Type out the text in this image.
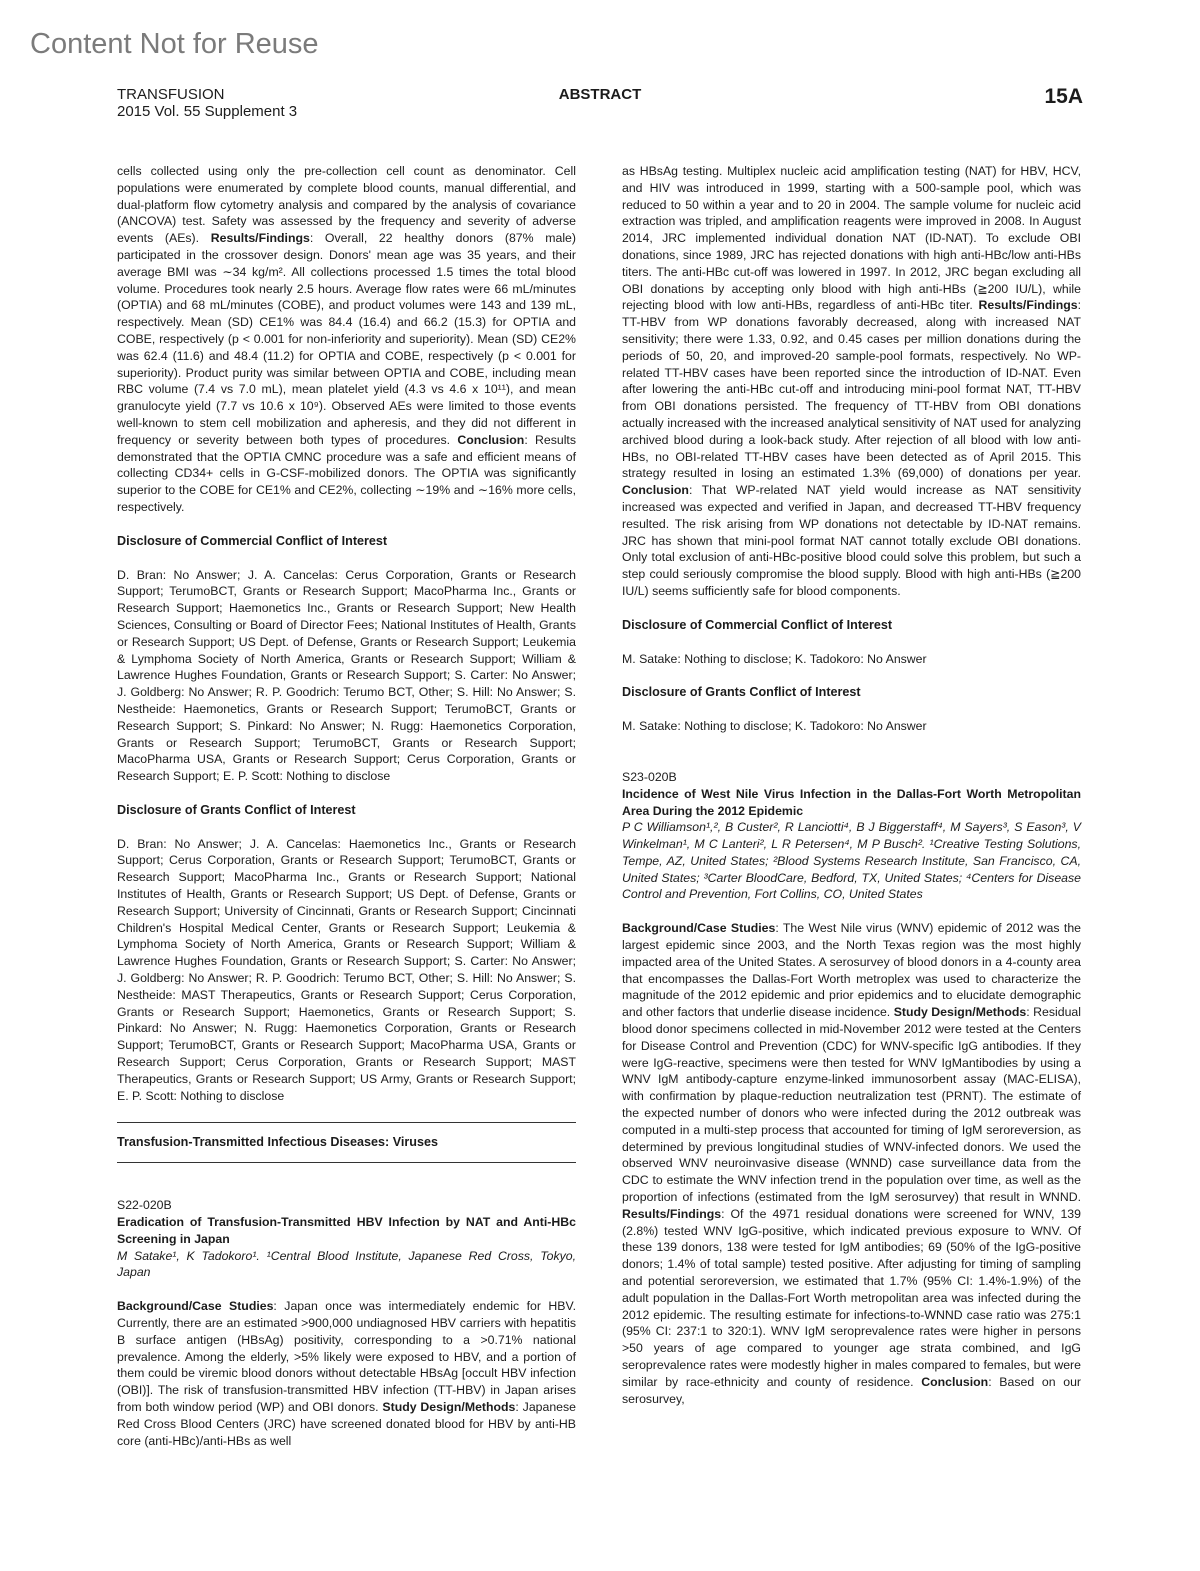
Content Not for Reuse
TRANSFUSION
2015 Vol. 55 Supplement 3
ABSTRACT	15A

cells collected using only the pre-collection cell count as denominator. Cell populations were enumerated by complete blood counts, manual differential, and dual-platform flow cytometry analysis and compared by the analysis of covariance (ANCOVA) test. Safety was assessed by the frequency and severity of adverse events (AEs). Results/Findings: Overall, 22 healthy donors (87% male) participated in the crossover design. Donors' mean age was 35 years, and their average BMI was ∼34 kg/m². All collections processed 1.5 times the total blood volume. Procedures took nearly 2.5 hours. Average flow rates were 66 mL/minutes (OPTIA) and 68 mL/minutes (COBE), and product volumes were 143 and 139 mL, respectively. Mean (SD) CE1% was 84.4 (16.4) and 66.2 (15.3) for OPTIA and COBE, respectively (p < 0.001 for non-inferiority and superiority). Mean (SD) CE2% was 62.4 (11.6) and 48.4 (11.2) for OPTIA and COBE, respectively (p < 0.001 for superiority). Product purity was similar between OPTIA and COBE, including mean RBC volume (7.4 vs 7.0 mL), mean platelet yield (4.3 vs 4.6 x 10¹¹), and mean granulocyte yield (7.7 vs 10.6 x 10⁹). Observed AEs were limited to those events well-known to stem cell mobilization and apheresis, and they did not different in frequency or severity between both types of procedures. Conclusion: Results demonstrated that the OPTIA CMNC procedure was a safe and efficient means of collecting CD34+ cells in G-CSF-mobilized donors. The OPTIA was significantly superior to the COBE for CE1% and CE2%, collecting ∼19% and ∼16% more cells, respectively.

Disclosure of Commercial Conflict of Interest

D. Bran: No Answer; J. A. Cancelas: Cerus Corporation, Grants or Research Support; TerumoBCT, Grants or Research Support; MacoPharma Inc., Grants or Research Support; Haemonetics Inc., Grants or Research Support; New Health Sciences, Consulting or Board of Director Fees; National Institutes of Health, Grants or Research Support; US Dept. of Defense, Grants or Research Support; Leukemia & Lymphoma Society of North America, Grants or Research Support; William & Lawrence Hughes Foundation, Grants or Research Support; S. Carter: No Answer; J. Goldberg: No Answer; R. P. Goodrich: Terumo BCT, Other; S. Hill: No Answer; S. Nestheide: Haemonetics, Grants or Research Support; TerumoBCT, Grants or Research Support; S. Pinkard: No Answer; N. Rugg: Haemonetics Corporation, Grants or Research Support; TerumoBCT, Grants or Research Support; MacoPharma USA, Grants or Research Support; Cerus Corporation, Grants or Research Support; E. P. Scott: Nothing to disclose

Disclosure of Grants Conflict of Interest

D. Bran: No Answer; J. A. Cancelas: Haemonetics Inc., Grants or Research Support; Cerus Corporation, Grants or Research Support; TerumoBCT, Grants or Research Support; MacoPharma Inc., Grants or Research Support; National Institutes of Health, Grants or Research Support; US Dept. of Defense, Grants or Research Support; University of Cincinnati, Grants or Research Support; Cincinnati Children's Hospital Medical Center, Grants or Research Support; Leukemia & Lymphoma Society of North America, Grants or Research Support; William & Lawrence Hughes Foundation, Grants or Research Support; S. Carter: No Answer; J. Goldberg: No Answer; R. P. Goodrich: Terumo BCT, Other; S. Hill: No Answer; S. Nestheide: MAST Therapeutics, Grants or Research Support; Cerus Corporation, Grants or Research Support; Haemonetics, Grants or Research Support; S. Pinkard: No Answer; N. Rugg: Haemonetics Corporation, Grants or Research Support; TerumoBCT, Grants or Research Support; MacoPharma USA, Grants or Research Support; Cerus Corporation, Grants or Research Support; MAST Therapeutics, Grants or Research Support; US Army, Grants or Research Support; E. P. Scott: Nothing to disclose

Transfusion-Transmitted Infectious Diseases: Viruses

S22-020B

Eradication of Transfusion-Transmitted HBV Infection by NAT and Anti-HBc Screening in Japan

M Satake¹, K Tadokoro¹. ¹Central Blood Institute, Japanese Red Cross, Tokyo, Japan

Background/Case Studies: Japan once was intermediately endemic for HBV. Currently, there are an estimated >900,000 undiagnosed HBV carriers with hepatitis B surface antigen (HBsAg) positivity, corresponding to a >0.71% national prevalence. Among the elderly, >5% likely were exposed to HBV, and a portion of them could be viremic blood donors without detectable HBsAg [occult HBV infection (OBI)]. The risk of transfusion-transmitted HBV infection (TT-HBV) in Japan arises from both window period (WP) and OBI donors. Study Design/Methods: Japanese Red Cross Blood Centers (JRC) have screened donated blood for HBV by anti-HB core (anti-HBc)/anti-HBs as well

as HBsAg testing. Multiplex nucleic acid amplification testing (NAT) for HBV, HCV, and HIV was introduced in 1999, starting with a 500-sample pool, which was reduced to 50 within a year and to 20 in 2004. The sample volume for nucleic acid extraction was tripled, and amplification reagents were improved in 2008. In August 2014, JRC implemented individual donation NAT (ID-NAT). To exclude OBI donations, since 1989, JRC has rejected donations with high anti-HBc/low anti-HBs titers. The anti-HBc cut-off was lowered in 1997. In 2012, JRC began excluding all OBI donations by accepting only blood with high anti-HBs (≧200 IU/L), while rejecting blood with low anti-HBs, regardless of anti-HBc titer. Results/Findings: TT-HBV from WP donations favorably decreased, along with increased NAT sensitivity; there were 1.33, 0.92, and 0.45 cases per million donations during the periods of 50, 20, and improved-20 sample-pool formats, respectively. No WP-related TT-HBV cases have been reported since the introduction of ID-NAT. Even after lowering the anti-HBc cut-off and introducing mini-pool format NAT, TT-HBV from OBI donations persisted. The frequency of TT-HBV from OBI donations actually increased with the increased analytical sensitivity of NAT used for analyzing archived blood during a look-back study. After rejection of all blood with low anti-HBs, no OBI-related TT-HBV cases have been detected as of April 2015. This strategy resulted in losing an estimated 1.3% (69,000) of donations per year. Conclusion: That WP-related NAT yield would increase as NAT sensitivity increased was expected and verified in Japan, and decreased TT-HBV frequency resulted. The risk arising from WP donations not detectable by ID-NAT remains. JRC has shown that mini-pool format NAT cannot totally exclude OBI donations. Only total exclusion of anti-HBc-positive blood could solve this problem, but such a step could seriously compromise the blood supply. Blood with high anti-HBs (≧200 IU/L) seems sufficiently safe for blood components.

Disclosure of Commercial Conflict of Interest

M. Satake: Nothing to disclose; K. Tadokoro: No Answer

Disclosure of Grants Conflict of Interest

M. Satake: Nothing to disclose; K. Tadokoro: No Answer

S23-020B

Incidence of West Nile Virus Infection in the Dallas-Fort Worth Metropolitan Area During the 2012 Epidemic

P C Williamson¹,², B Custer², R Lanciotti⁴, B J Biggerstaff⁴, M Sayers³, S Eason³, V Winkelman¹, M C Lanteri², L R Petersen⁴, M P Busch². ¹Creative Testing Solutions, Tempe, AZ, United States; ²Blood Systems Research Institute, San Francisco, CA, United States; ³Carter BloodCare, Bedford, TX, United States; ⁴Centers for Disease Control and Prevention, Fort Collins, CO, United States

Background/Case Studies: The West Nile virus (WNV) epidemic of 2012 was the largest epidemic since 2003, and the North Texas region was the most highly impacted area of the United States. A serosurvey of blood donors in a 4-county area that encompasses the Dallas-Fort Worth metroplex was used to characterize the magnitude of the 2012 epidemic and prior epidemics and to elucidate demographic and other factors that underlie disease incidence. Study Design/Methods: Residual blood donor specimens collected in mid-November 2012 were tested at the Centers for Disease Control and Prevention (CDC) for WNV-specific IgG antibodies. If they were IgG-reactive, specimens were then tested for WNV IgMantibodies by using a WNV IgM antibody-capture enzyme-linked immunosorbent assay (MAC-ELISA), with confirmation by plaque-reduction neutralization test (PRNT). The estimate of the expected number of donors who were infected during the 2012 outbreak was computed in a multi-step process that accounted for timing of IgM seroreversion, as determined by previous longitudinal studies of WNV-infected donors. We used the observed WNV neuroinvasive disease (WNND) case surveillance data from the CDC to estimate the WNV infection trend in the population over time, as well as the proportion of infections (estimated from the IgM serosurvey) that result in WNND. Results/Findings: Of the 4971 residual donations were screened for WNV, 139 (2.8%) tested WNV IgG-positive, which indicated previous exposure to WNV. Of these 139 donors, 138 were tested for IgM antibodies; 69 (50% of the IgG-positive donors; 1.4% of total sample) tested positive. After adjusting for timing of sampling and potential seroreversion, we estimated that 1.7% (95% CI: 1.4%-1.9%) of the adult population in the Dallas-Fort Worth metropolitan area was infected during the 2012 epidemic. The resulting estimate for infections-to-WNND case ratio was 275:1 (95% CI: 237:1 to 320:1). WNV IgM seroprevalence rates were higher in persons >50 years of age compared to younger age strata combined, and IgG seroprevalence rates were modestly higher in males compared to females, but were similar by race-ethnicity and county of residence. Conclusion: Based on our serosurvey,
